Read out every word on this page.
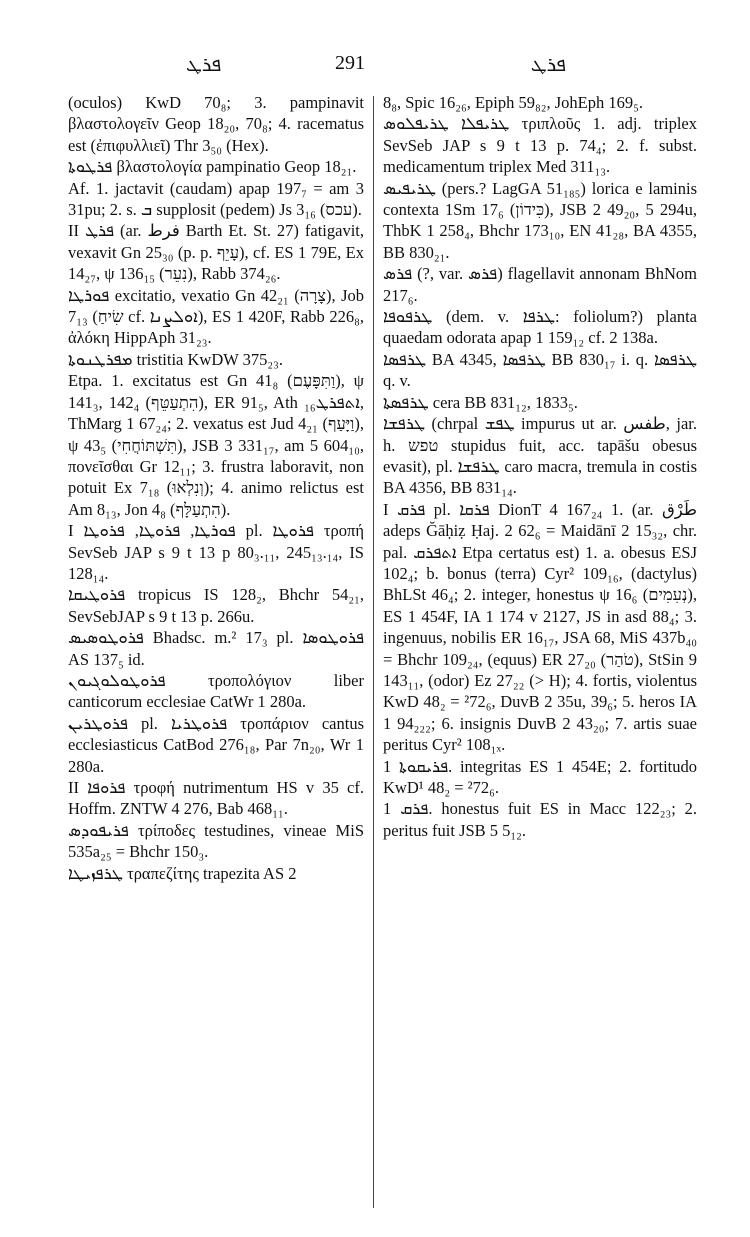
ܦܪܛ	291	ܦܪܛ

(oculos) KwD 70₈; 3. pampinavit βλαστολογεῖν Geop 18₂₀, 70₈; 4. racematus est (ἐπιφυλλιεῖ) Thr 3₅₀ (Hex).

ܦܪܛܘܬܐ βλαστολογία pampinatio Geop 18₂₁.

Af. 1. jactavit (caudam) apap 197₇ = am 3 31pu; 2. s. ܒ supplosit (pedem) Js 3₁₆ (עכס).

II ܦܪܛ (ar. فرط Barth Et. St. 27) fatigavit, vexavit Gn 25₃₀ (p. p. עָיֵף), cf. ES 1 79E, Ex 14₂₇, ψ 136₁₅ (נִעֵר), Rabb 374₂₆.

ܦܘܪܛܐ excitatio, vexatio Gn 42₂₁ (צָרָה), Job 7₁₃ (שִׂיחַ cf. ܐܘܠܨܢܐ), ES 1 420F, Rabb 226₈, ἀλόκη HippAph 31₂₃.

ܡܦܪܛܢܘܬܐ tristitia KwDW 375₂₃.

Etpa. 1. excitatus est Gn 41₈ (וַתִּפָּעֶם), ψ 141₃, 142₄ (הִתְעַטֵּף), ER 91₅, Ath ܐܬܦܪܛ₁₆, ThMarg 1 67₂₄; 2. vexatus est Jud 4₂₁ (וַיָּעַף), ψ 43₅ (תִּשְׁתּוֹחֲחִי), JSB 3 331₁₇, am 5 604₁₀, πονεῖσθαι Gr 12₁₁; 3. frustra laboravit, non potuit Ex 7₁₈ (וְנִלְאוּ); 4. animo relictus est Am 8₁₃, Jon 4₈ (הִתְעַלָּף).

I ܦܘܪܛܐ, ܦܪܘܛܐ, ܦܪܘܛܐ pl. ܦܪܘܛܐ τροπή SevSeb JAP s 9 t 13 p 80₃.₁₁, 245₁₃.₁₄, IS 128₁₄.

ܦܪܘܛܝܩܐ tropicus IS 128₂, Bhchr 54₂₁, SevSebJAP s 9 t 13 p. 266u.

ܦܪܘܛܘܣܝܣ Bhadsc. m.² 17₃ pl. ܦܪܘܛܘܣܐ AS 137₅ id.

ܦܪܘܛܘܠܘܓܝܘܢ τροπολόγιον liber canticorum ecclesiae CatWr 1 280a.

ܦܪܘܛܪܝܢ pl. ܦܪܘܛܪܝܐ τροπάριον cantus ecclesiasticus CatBod 276₁₈, Par 7n₂₀, Wr 1 280a.

II ܦܪܘܦܐ τροφή nutrimentum HS v 35 cf. Hoffm. ZNTW 4 276, Bab 468₁₁.

ܦܪܝܦܘܕܣ τρίποδες testudines, vineae MiS 535a₂₅ = Bhchr 150₃.

ܛܪܦܙܝܛܐ τραπεζίτης trapezita AS 2

8₈, Spic 16₂₆, Epiph 59₈₂, JohEph 169₅.

ܛܪܝܦܠܐ ܛܪܝܦܠܘܣ τριπλοῦς 1. adj. triplex SevSeb JAP s 9 t 13 p. 74₄; 2. f. subst. medicamentum triplex Med 311₁₃.

ܛܪܝܦܝܣ (pers.? LagGA 51₁₈₅) lorica e laminis contexta 1Sm 17₆ (כִּידוֹן), JSB 2 49₂₀, 5 294u, ThbK 1 258₄, Bhchr 173₁₀, EN 41₂₈, BA 4355, BB 830₂₁.

ܦܪܣ (?, var. ܦܪܣ) flagellavit annonam BhNom 217₆.

ܛܪܦܘܦܐ (dem. v. ܛܪܦܐ: foliolum?) planta quaedam odorata apap 1 159₁₂ cf. 2 138a.

ܛܪܦܣܐ BA 4345, ܛܪܦܣܐ BB 830₁₇ i. q. ܛܪܦܣܐ q. v.

ܛܪܦܣܬܐ cera BB 831₁₂, 1833₅.

ܛܪܦܫܐ (chrpal ܛܦܫ impurus ut ar. طفس, jar. h. טפש stupidus fuit, acc. tapāšu obesus evasit), pl. ܛܪܦܫܐ caro macra, tremula in costis BA 4356, BB 831₁₄.

I ܦܪܩ pl. ܦܪܩܐ DionT 4 167₂₄ 1. (ar. طَرْق adeps Ğāḥiẓ Ḥaj. 2 62₆ = Maidānī 2 15₃₂, chr. pal. ܐܬܦܪܩ Etpa certatus est) 1. a. obesus ESJ 102₄; b. bonus (terra) Cyr² 109₁₆, (dactylus) BhLSt 46₄; 2. integer, honestus ψ 16₆ (נְעִמִים), ES 1 454F, IA 1 174 v 2127, JS in asd 88₄; 3. ingenuus, nobilis ER 16₁₇, JSA 68, MiS 437b₄₀ = Bhchr 109₂₄, (equus) ER 27₂₀ (טֹהַר), StSin 9 143₁₁, (odor) Ez 27₂₂ (> H); 4. fortis, violentus KwD 48₂ = ²72₆, DuvB 2 35u, 39₆; 5. heros IA 1 94₂₂₂; 6. insignis DuvB 2 43₂₀; 7. artis suae peritus Cyr² 108₁ₓ.

ܦܪܝܩܘܬܐ 1. integritas ES 1 454E; 2. fortitudo KwD¹ 48₂ = ²72₆.

ܦܪܩ 1. honestus fuit ES in Macc 122₂₃; 2. peritus fuit JSB 5 5₁₂.
